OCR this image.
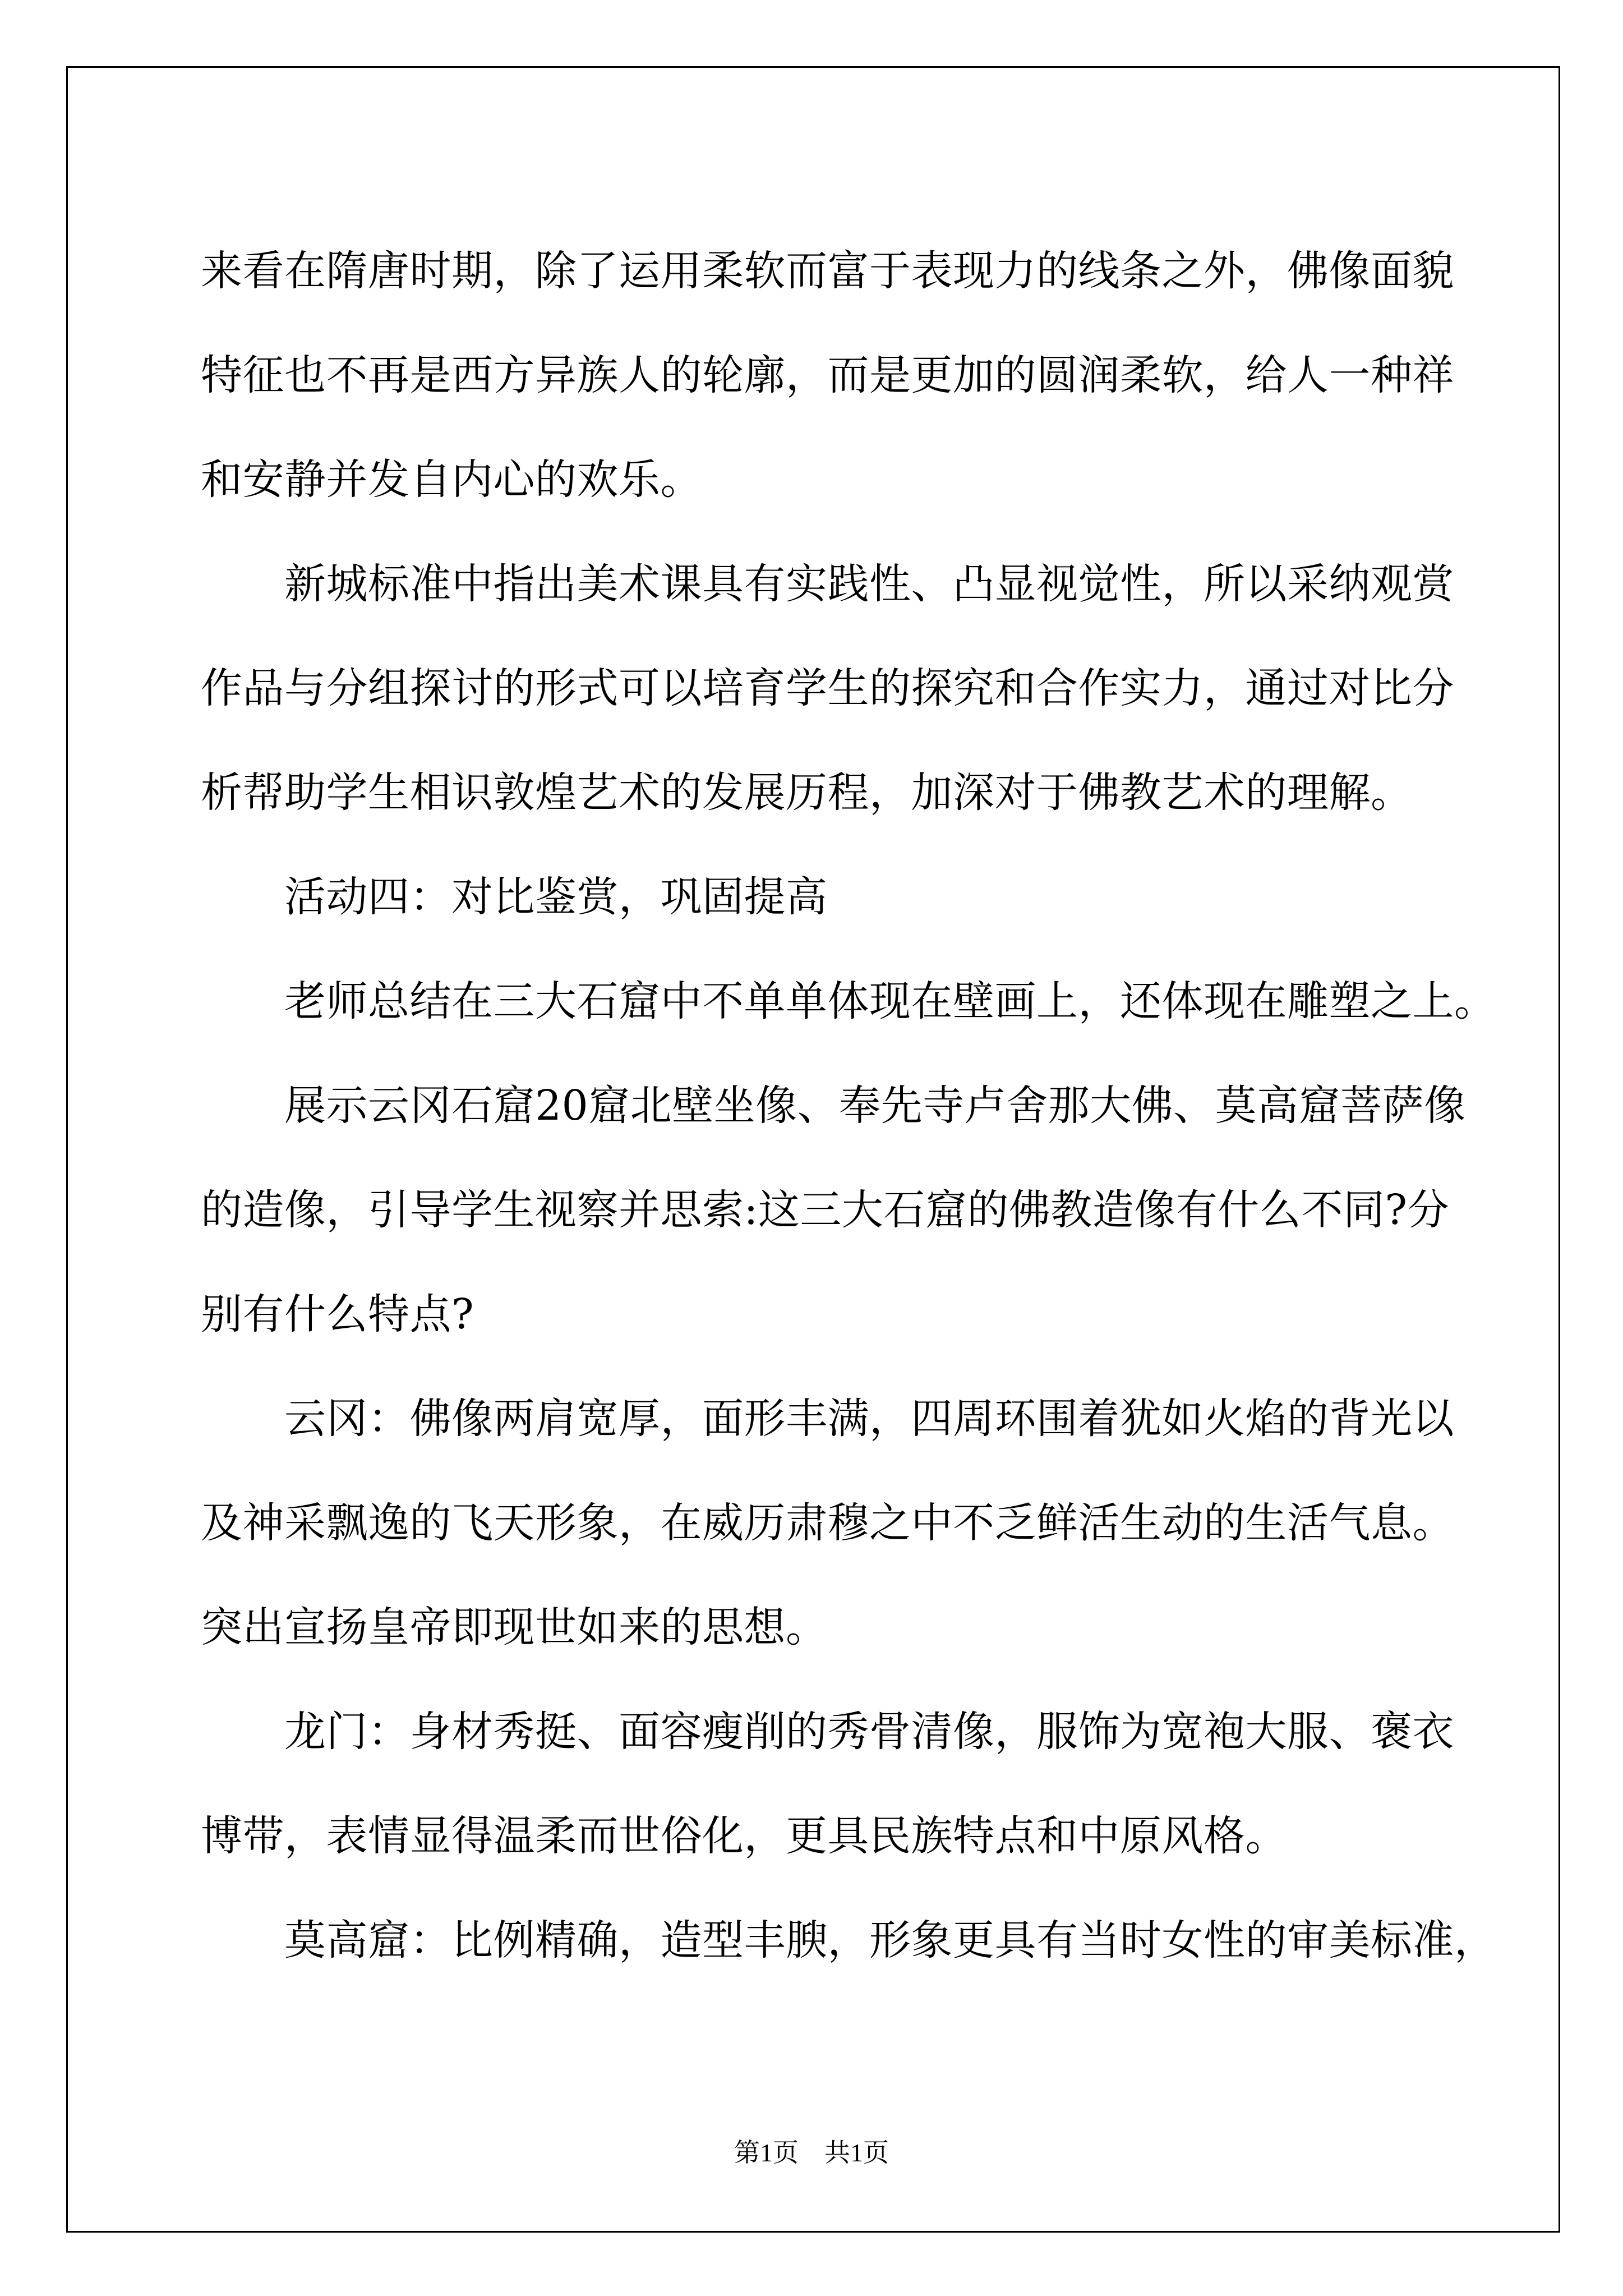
来看在隋唐时期，除了运用柔软而富于表现力的线条之外，佛像面貌
特征也不再是西方异族人的轮廓，而是更加的圆润柔软，给人一种祥
和安静并发自内心的欢乐。
　　新城标准中指出美术课具有实践性、凸显视觉性，所以采纳观赏
作品与分组探讨的形式可以培育学生的探究和合作实力，通过对比分
析帮助学生相识敦煌艺术的发展历程，加深对于佛教艺术的理解。
　　活动四：对比鉴赏，巩固提高
　　老师总结在三大石窟中不单单体现在壁画上，还体现在雕塑之上。
　　展示云冈石窟20窟北壁坐像、奉先寺卢舍那大佛、莫高窟菩萨像
的造像，引导学生视察并思索:这三大石窟的佛教造像有什么不同?分
别有什么特点?
　　云冈：佛像两肩宽厚，面形丰满，四周环围着犹如火焰的背光以
及神采飘逸的飞天形象，在威历肃穆之中不乏鲜活生动的生活气息。
突出宣扬皇帝即现世如来的思想。
　　龙门：身材秀挺、面容瘦削的秀骨清像，服饰为宽袍大服、褒衣
博带，表情显得温柔而世俗化，更具民族特点和中原风格。
　　莫高窟：比例精确，造型丰腴，形象更具有当时女性的审美标准，
第1页　共1页
